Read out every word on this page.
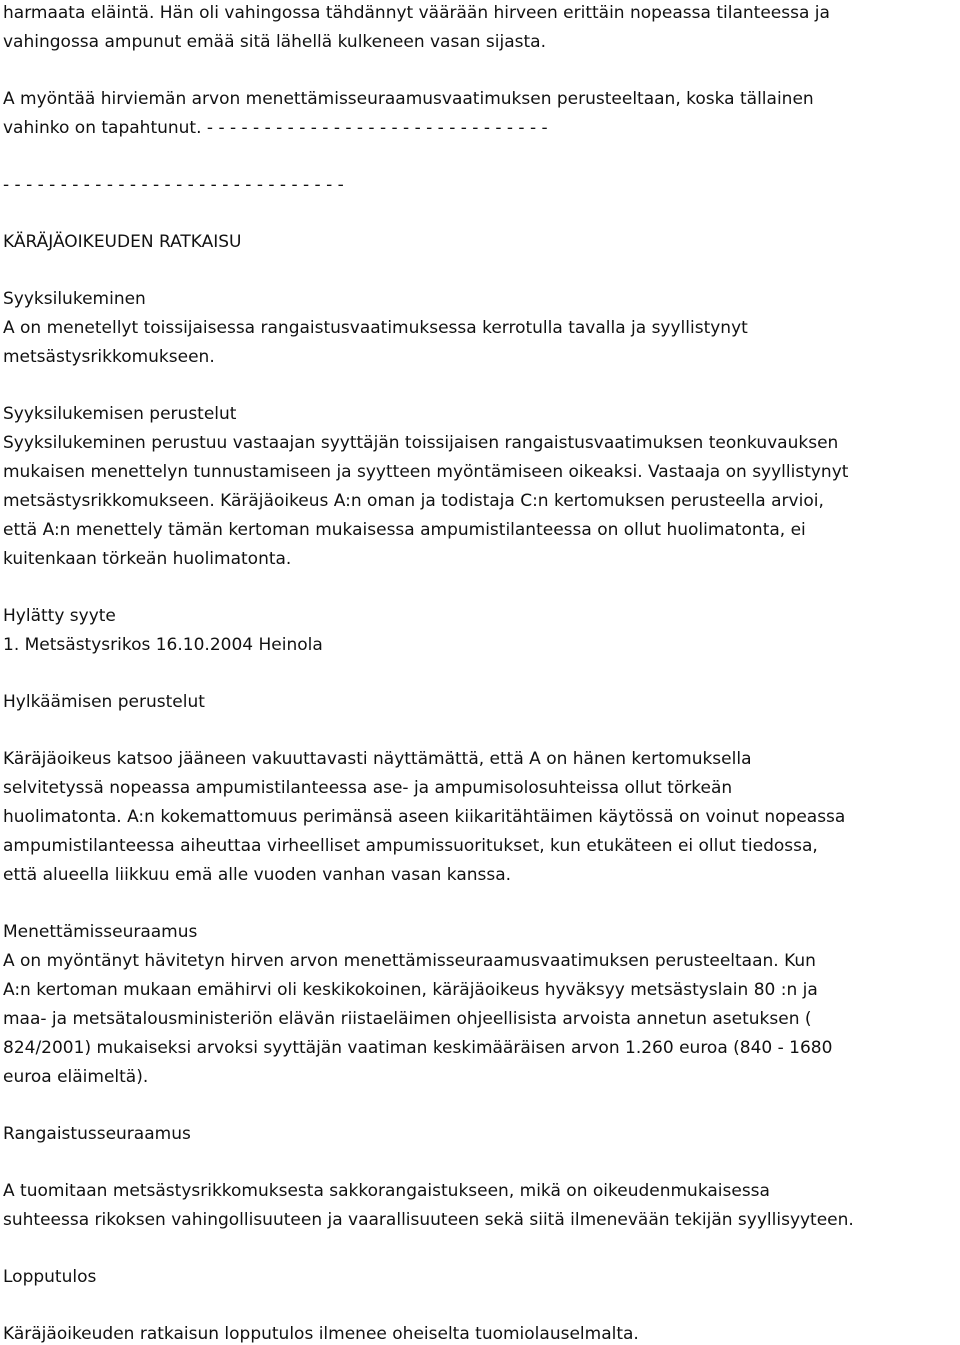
harmaata eläintä. Hän oli vahingossa tähdännyt väärään hirveen erittäin nopeassa tilanteessa ja
vahingossa ampunut emää sitä lähellä kulkeneen vasan sijasta.
A myöntää hirviemän arvon menettämisseuraamusvaatimuksen perusteeltaan, koska tällainen
vahinko on tapahtunut. - - - - - - - - - - - - - - - - - - - - - - - - - - - - - -
- - - - - - - - - - - - - - - - - - - - - - - - - - - - - -
KÄRÄJÄOIKEUDEN RATKAISU
Syyksilukeminen
A on menetellyt toissijaisessa rangaistusvaatimuksessa kerrotulla tavalla ja syyllistynyt
metsästysrikkomukseen.
Syyksilukemisen perustelut
Syyksilukeminen perustuu vastaajan syyttäjän toissijaisen rangaistusvaatimuksen teonkuvauksen
mukaisen menettelyn tunnustamiseen ja syytteen myöntämiseen oikeaksi. Vastaaja on syyllistynyt
metsästysrikkomukseen. Käräjäoikeus A:n oman ja todistaja C:n kertomuksen perusteella arvioi,
että A:n menettely tämän kertoman mukaisessa ampumistilanteessa on ollut huolimatonta, ei
kuitenkaan törkeän huolimatonta.
Hylätty syyte
1. Metsästysrikos 16.10.2004 Heinola
Hylkäämisen perustelut
Käräjäoikeus katsoo jääneen vakuuttavasti näyttämättä, että A on hänen kertomuksella
selvitetyssä nopeassa ampumistilanteessa ase- ja ampumisolosuhteissa ollut törkeän
huolimatonta. A:n kokemattomuus perimänsä aseen kiikaritähtäimen käytössä on voinut nopeassa
ampumistilanteessa aiheuttaa virheelliset ampumissuoritukset, kun etukäteen ei ollut tiedossa,
että alueella liikkuu emä alle vuoden vanhan vasan kanssa.
Menettämisseuraamus
A on myöntänyt hävitetyn hirven arvon menettämisseuraamusvaatimuksen perusteeltaan. Kun
A:n kertoman mukaan emähirvi oli keskikokoinen, käräjäoikeus hyväksyy metsästyslain 80 :n ja
maa- ja metsätalousministeriön elävän riistaeläimen ohjeellisista arvoista annetun asetuksen (
824/2001) mukaiseksi arvoksi syyttäjän vaatiman keskimääräisen arvon 1.260 euroa (840 - 1680
euroa eläimeltä).
Rangaistusseuraamus
A tuomitaan metsästysrikkomuksesta sakkorangaistukseen, mikä on oikeudenmukaisessa
suhteessa rikoksen vahingollisuuteen ja vaarallisuuteen sekä siitä ilmenevään tekijän syyllisyyteen.
Lopputulos
Käräjäoikeuden ratkaisun lopputulos ilmenee oheiselta tuomiolauselmalta.
